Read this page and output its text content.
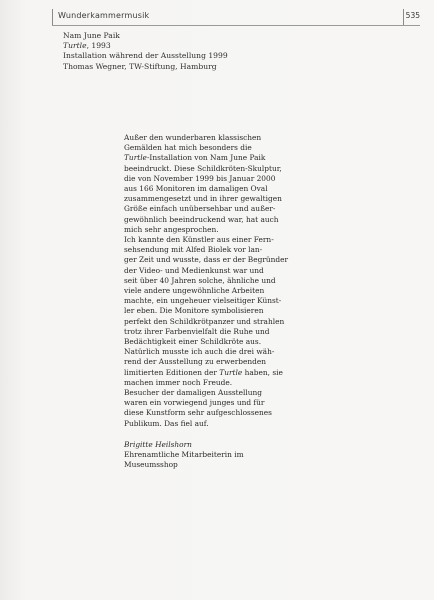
Wunderkammermusik	535
Nam June Paik
Turtle, 1993
Installation während der Ausstellung 1999
Thomas Wegner, TW-Stiftung, Hamburg
Außer den wunderbaren klassischen
Gemälden hat mich besonders die
Turtle-Installation von Nam June Paik
beeindruckt. Diese Schildkröten-Skulptur,
die von November 1999 bis Januar 2000
aus 166 Monitoren im damaligen Oval
zusammengesetzt und in ihrer gewaltigen
Größe einfach unübersehbar und außer-
gewöhnlich beeindruckend war, hat auch
mich sehr angesprochen.
Ich kannte den Künstler aus einer Fern-
sehsendung mit Alfed Biolek vor lan-
ger Zeit und wusste, dass er der Begründer
der Video- und Medienkunst war und
seit über 40 Jahren solche, ähnliche und
viele andere ungewöhnliche Arbeiten
machte, ein ungeheuer vielseitiger Künst-
ler eben. Die Monitore symbolisieren
perfekt den Schildkrötpanzer und strahlen
trotz ihrer Farbenvielfalt die Ruhe und
Bedächtigkeit einer Schildkröte aus.
Natürlich musste ich auch die drei wäh-
rend der Ausstellung zu erwerbenden
limitierten Editionen der Turtle haben, sie
machen immer noch Freude.
Besucher der damaligen Ausstellung
waren ein vorwiegend junges und für
diese Kunstform sehr aufgeschlossenes
Publikum. Das fiel auf.
Brigitte Heilshorn
Ehrenamtliche Mitarbeiterin im
Museumsshop
